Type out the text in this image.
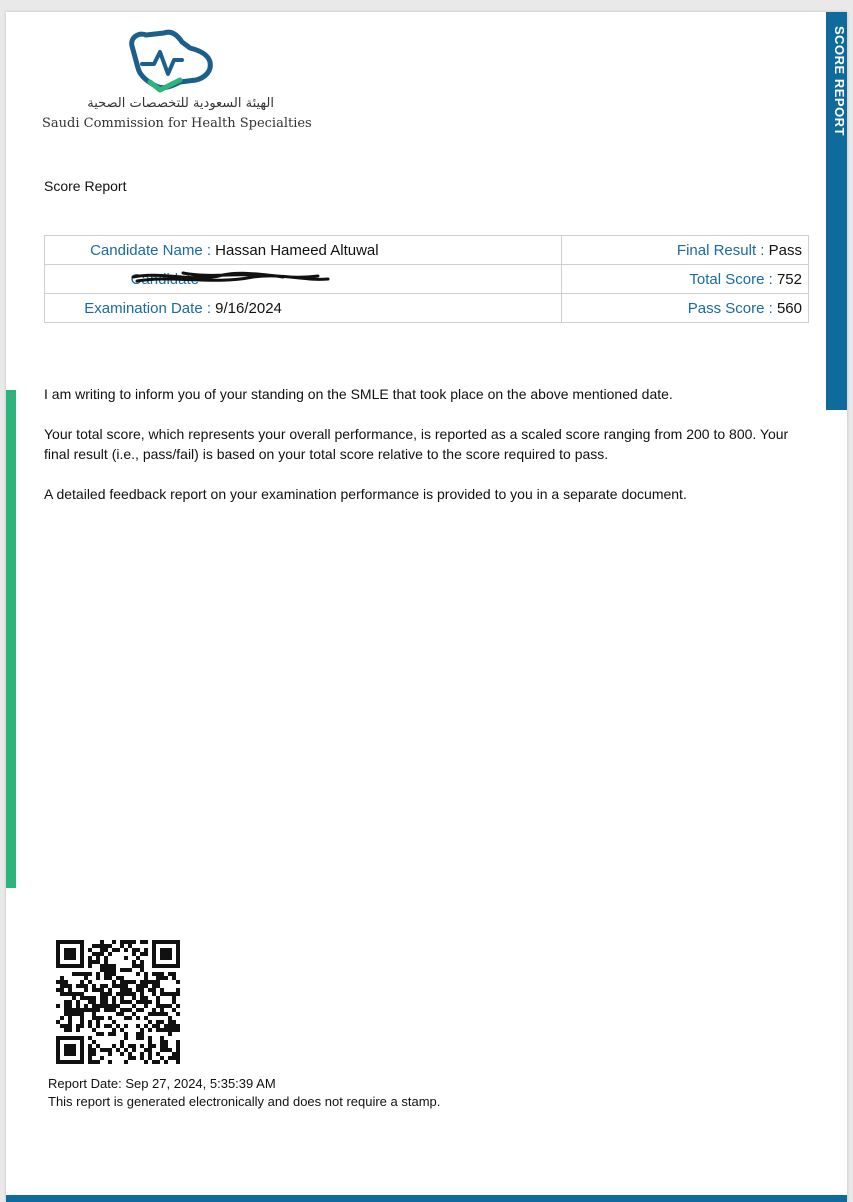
SCORE REPORT
الهيئة السعودية للتخصصات الصحية
Saudi Commission for Health Specialties
Score Report
Candidate Name : Hassan Hameed Altuwal	Final Result : Pass
Candidate	Total Score : 752
Examination Date : 9/16/2024	Pass Score : 560

I am writing to inform you of your standing on the SMLE that took place on the above mentioned date.

Your total score, which represents your overall performance, is reported as a scaled score ranging from 200 to 800. Your final result (i.e., pass/fail) is based on your total score relative to the score required to pass.

A detailed feedback report on your examination performance is provided to you in a separate document.

Report Date: Sep 27, 2024, 5:35:39 AM
This report is generated electronically and does not require a stamp.
